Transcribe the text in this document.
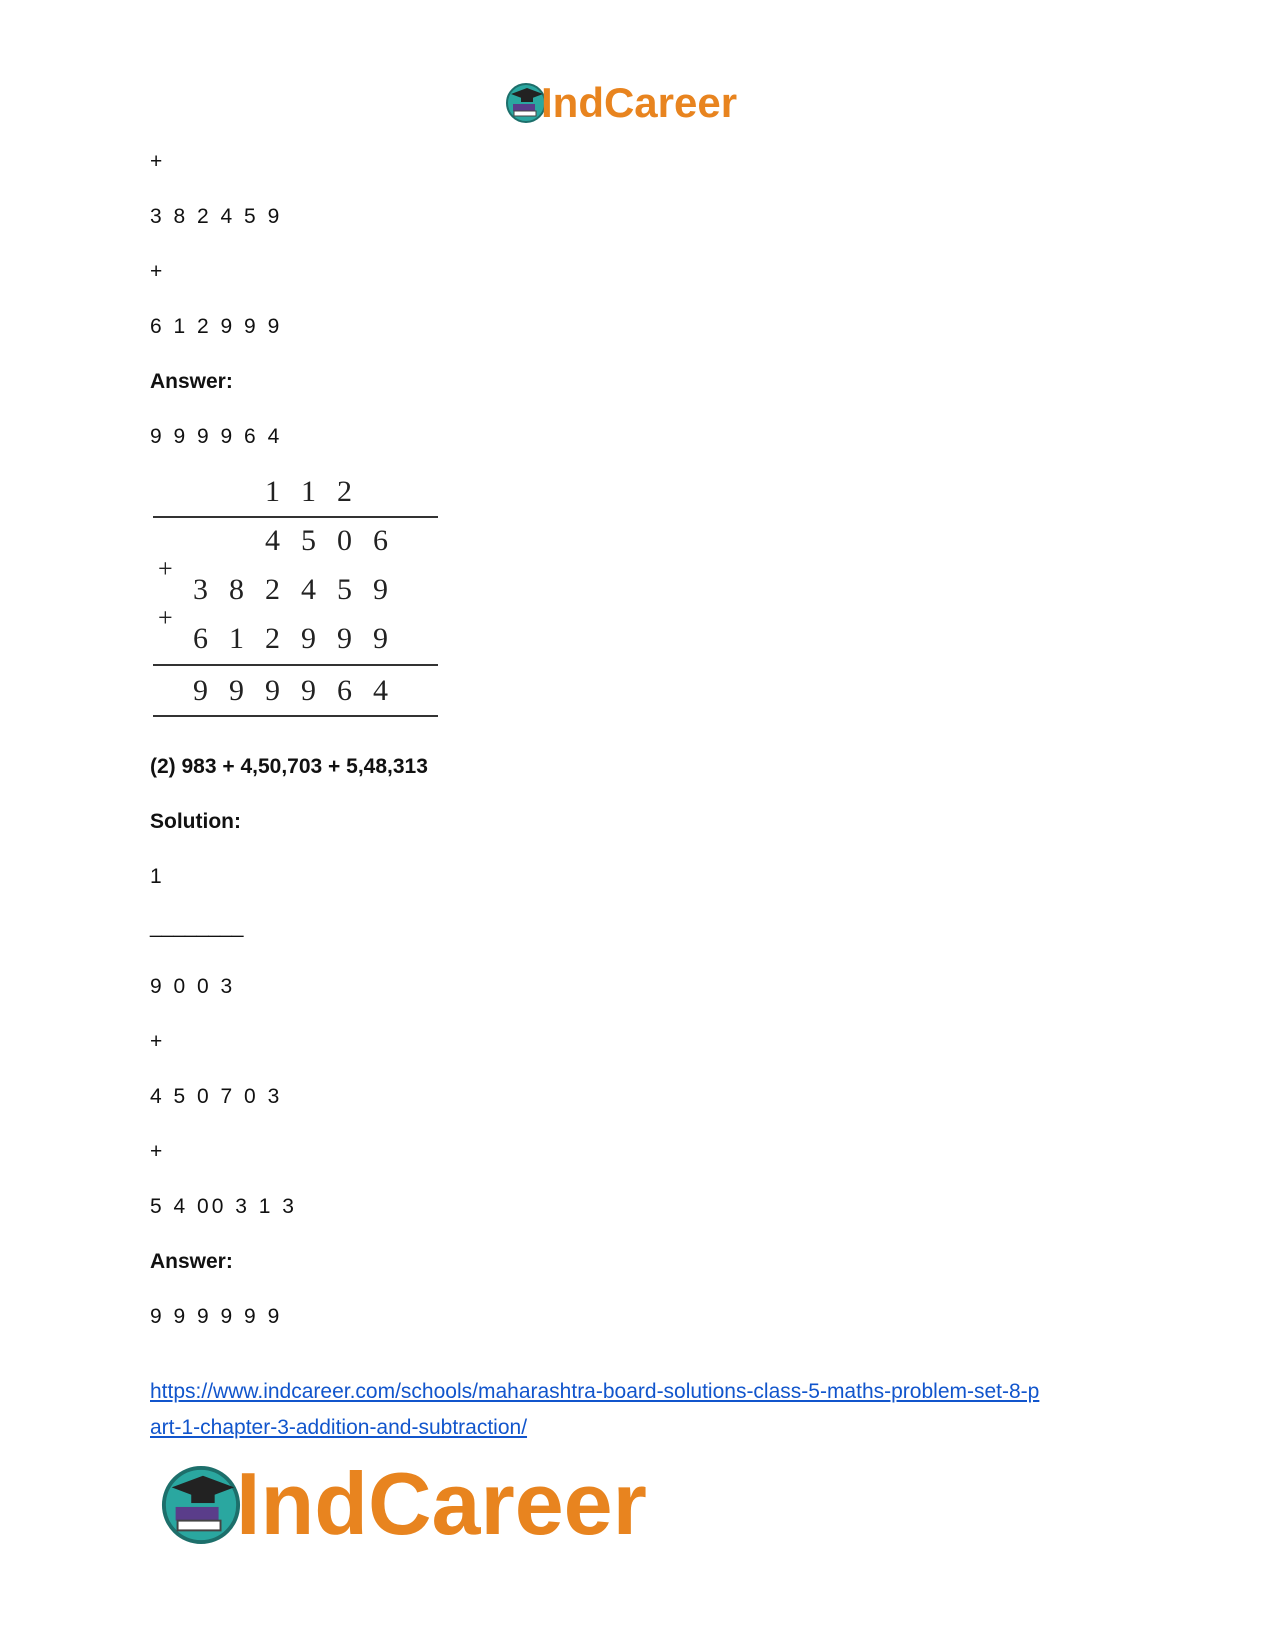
IndCareer
+
3 8 2 4 5 9
+
6 1 2 9 9 9
Answer:
9 9 9 9 6 4
1 1 2
4 5 0 6
+
3 8 2 4 5 9
+
6 1 2 9 9 9
9 9 9 9 6 4
(2) 983 + 4,50,703 + 5,48,313
Solution:
1
________
9 0 0 3
+
4 5 0 7 0 3
+
5 4 00 3 1 3
Answer:
9 9 9 9 9 9
https://www.indcareer.com/schools/maharashtra-board-solutions-class-5-maths-problem-set-8-p
art-1-chapter-3-addition-and-subtraction/
IndCareer
